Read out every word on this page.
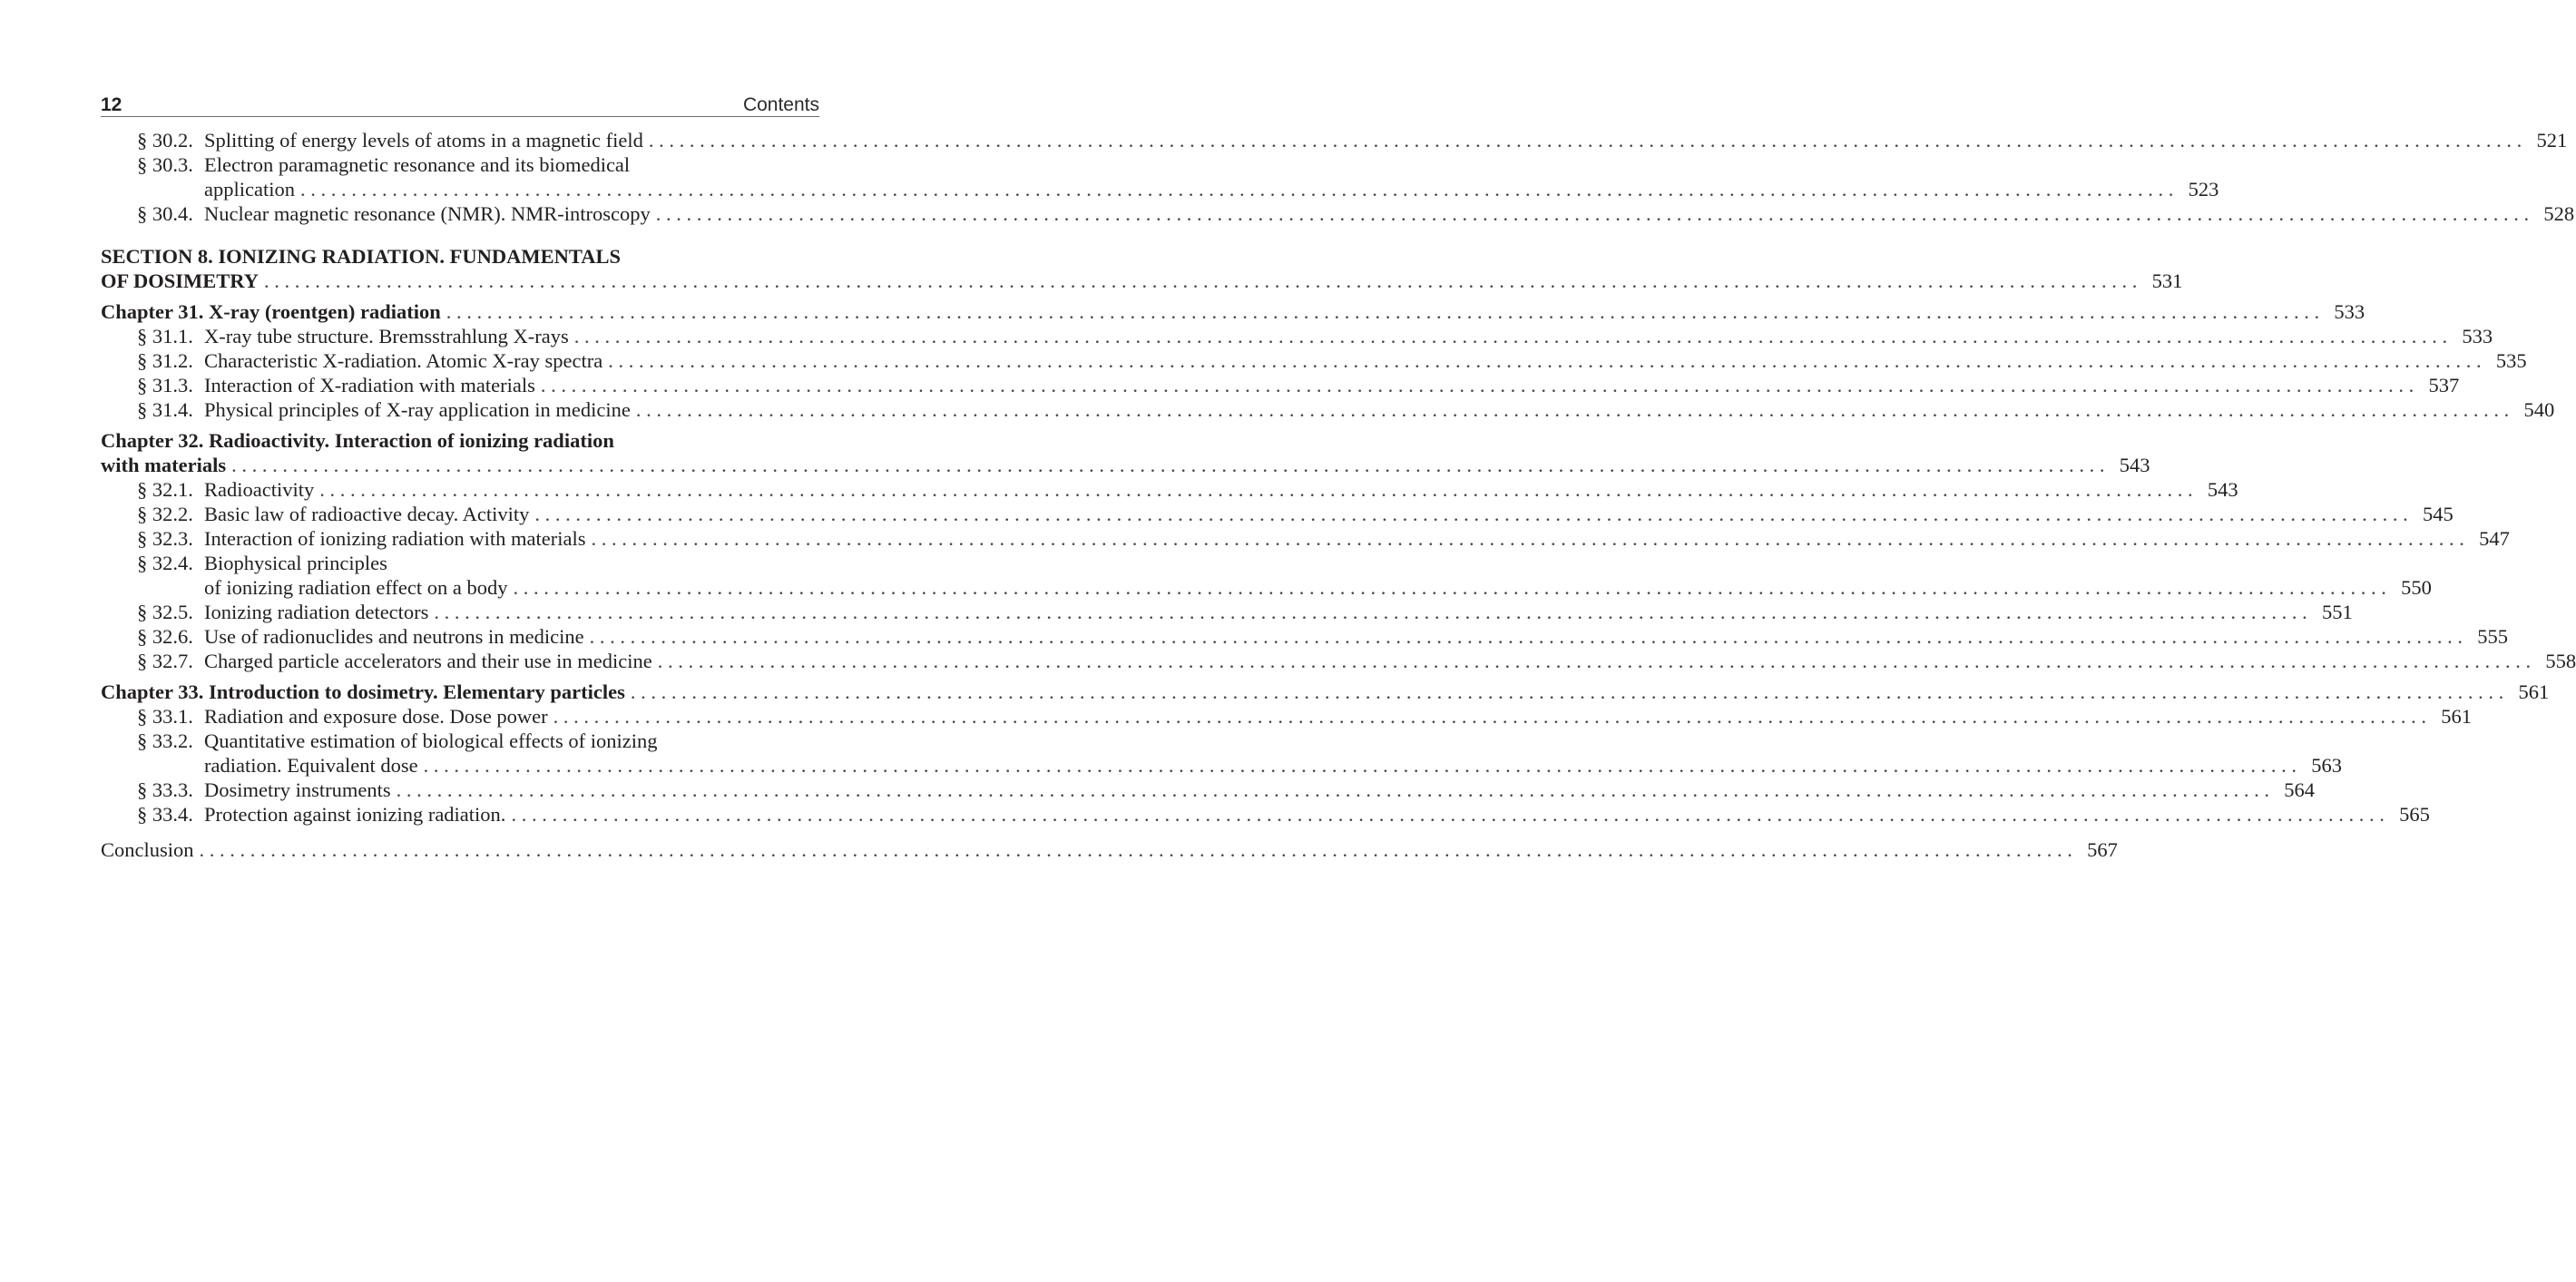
12	Contents
§ 30.2. Splitting of energy levels of atoms in a magnetic field . . .	521
§ 30.3. Electron paramagnetic resonance and its biomedical
application . . .	523
§ 30.4. Nuclear magnetic resonance (NMR). NMR-introscopy . . .	528
SECTION 8. IONIZING RADIATION. FUNDAMENTALS
OF DOSIMETRY . . .	531
Chapter 31. X-ray (roentgen) radiation . . .	533
§ 31.1. X-ray tube structure. Bremsstrahlung X-rays . . .	533
§ 31.2. Characteristic X-radiation. Atomic X-ray spectra . . .	535
§ 31.3. Interaction of X-radiation with materials . . .	537
§ 31.4. Physical principles of X-ray application in medicine . . .	540
Chapter 32. Radioactivity. Interaction of ionizing radiation
with materials . . .	543
§ 32.1. Radioactivity . . .	543
§ 32.2. Basic law of radioactive decay. Activity . . .	545
§ 32.3. Interaction of ionizing radiation with materials . . .	547
§ 32.4. Biophysical principles
of ionizing radiation effect on a body . . .	550
§ 32.5. Ionizing radiation detectors . . .	551
§ 32.6. Use of radionuclides and neutrons in medicine . . .	555
§ 32.7. Charged particle accelerators and their use in medicine . . .	558
Chapter 33. Introduction to dosimetry. Elementary particles . . .	561
§ 33.1. Radiation and exposure dose. Dose power . . .	561
§ 33.2. Quantitative estimation of biological effects of ionizing
radiation. Equivalent dose . . .	563
§ 33.3. Dosimetry instruments . . .	564
§ 33.4. Protection against ionizing radiation. . . .	565
Conclusion . . .	567
